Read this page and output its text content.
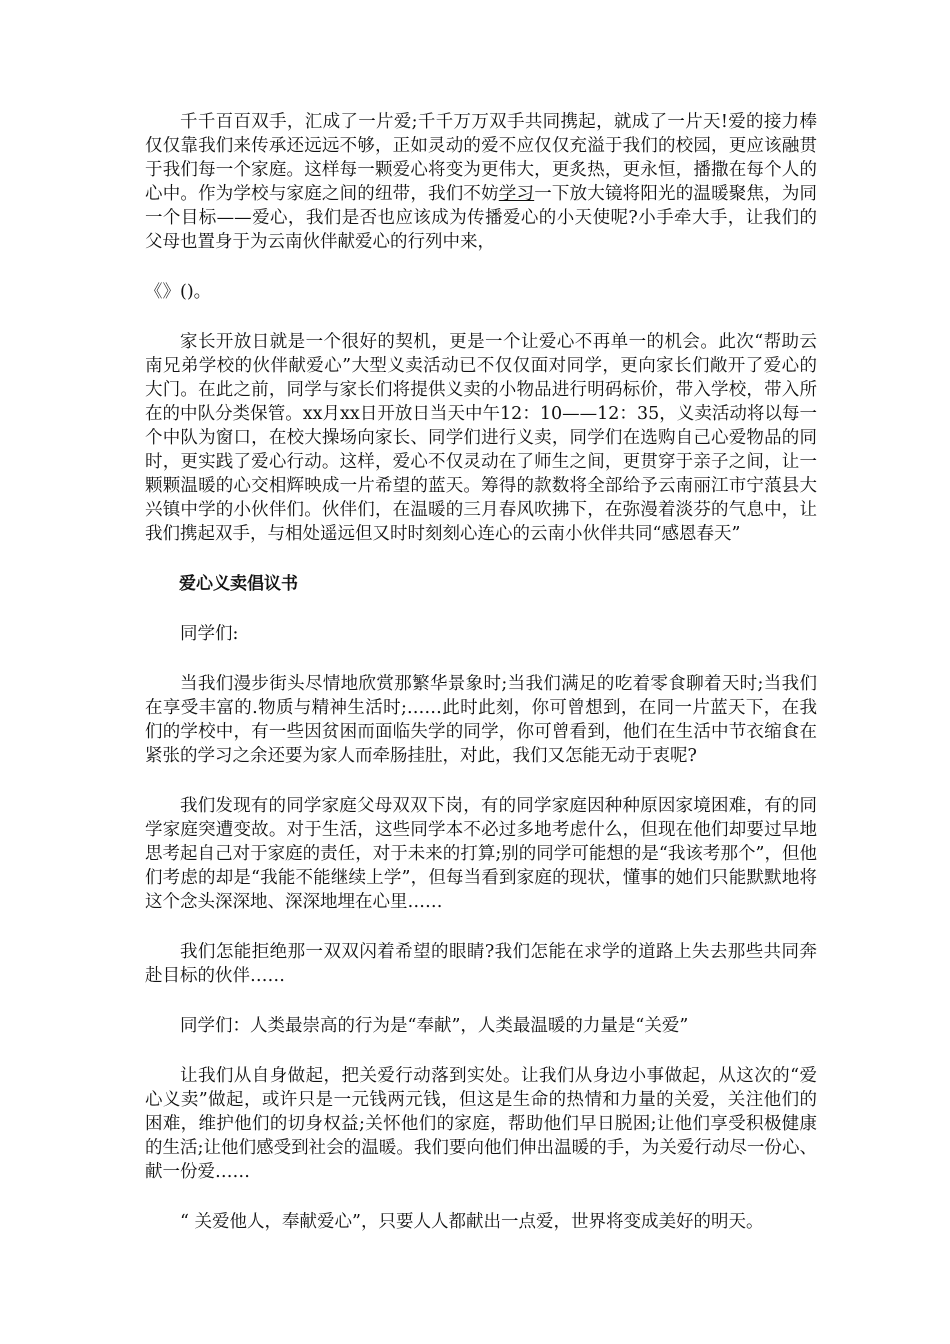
千千百百双手，汇成了一片爱;千千万万双手共同携起，就成了一片天!爱的接力棒仅仅靠我们来传承还远远不够，正如灵动的爱不应仅仅充溢于我们的校园，更应该融贯于我们每一个家庭。这样每一颗爱心将变为更伟大，更炙热，更永恒，播撒在每个人的心中。作为学校与家庭之间的纽带，我们不妨学习一下放大镜将阳光的温暖聚焦，为同一个目标——爱心，我们是否也应该成为传播爱心的小天使呢?小手牵大手，让我们的父母也置身于为云南伙伴献爱心的行列中来，

《》()。

家长开放日就是一个很好的契机，更是一个让爱心不再单一的机会。此次“帮助云南兄弟学校的伙伴献爱心”大型义卖活动已不仅仅面对同学，更向家长们敞开了爱心的大门。在此之前，同学与家长们将提供义卖的小物品进行明码标价，带入学校，带入所在的中队分类保管。xx月xx日开放日当天中午12：10——12：35，义卖活动将以每一个中队为窗口，在校大操场向家长、同学们进行义卖，同学们在选购自己心爱物品的同时，更实践了爱心行动。这样，爱心不仅灵动在了师生之间，更贯穿于亲子之间，让一颗颗温暖的心交相辉映成一片希望的蓝天。筹得的款数将全部给予云南丽江市宁蒗县大兴镇中学的小伙伴们。伙伴们，在温暖的三月春风吹拂下，在弥漫着淡芬的气息中，让我们携起双手，与相处遥远但又时时刻刻心连心的云南小伙伴共同“感恩春天”

爱心义卖倡议书

同学们:

当我们漫步街头尽情地欣赏那繁华景象时;当我们满足的吃着零食聊着天时;当我们在享受丰富的.物质与精神生活时;……此时此刻，你可曾想到，在同一片蓝天下，在我们的学校中，有一些因贫困而面临失学的同学，你可曾看到，他们在生活中节衣缩食在紧张的学习之余还要为家人而牵肠挂肚，对此，我们又怎能无动于衷呢?

我们发现有的同学家庭父母双双下岗，有的同学家庭因种种原因家境困难，有的同学家庭突遭变故。对于生活，这些同学本不必过多地考虑什么，但现在他们却要过早地思考起自己对于家庭的责任，对于未来的打算;别的同学可能想的是“我该考那个”，但他们考虑的却是“我能不能继续上学”，但每当看到家庭的现状，懂事的她们只能默默地将这个念头深深地、深深地埋在心里……

我们怎能拒绝那一双双闪着希望的眼睛?我们怎能在求学的道路上失去那些共同奔赴目标的伙伴……

同学们：人类最崇高的行为是“奉献”，人类最温暖的力量是“关爱”

让我们从自身做起，把关爱行动落到实处。让我们从身边小事做起，从这次的“爱心义卖”做起，或许只是一元钱两元钱，但这是生命的热情和力量的关爱，关注他们的困难，维护他们的切身权益;关怀他们的家庭，帮助他们早日脱困;让他们享受积极健康的生活;让他们感受到社会的温暖。我们要向他们伸出温暖的手，为关爱行动尽一份心、献一份爱……

“ 关爱他人，奉献爱心”，只要人人都献出一点爱，世界将变成美好的明天。
